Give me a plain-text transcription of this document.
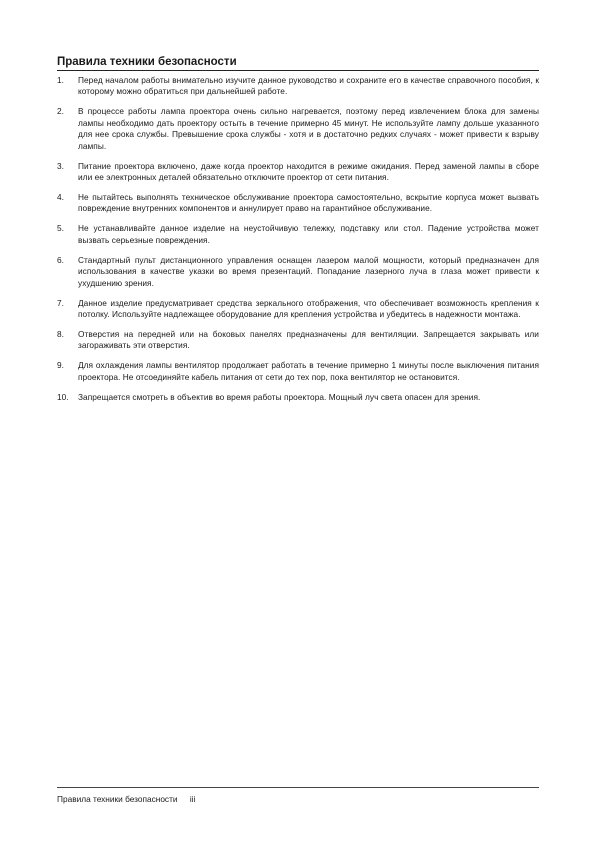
Правила техники безопасности
1.	Перед началом работы внимательно изучите данное руководство и сохраните его в качестве справочного пособия, к которому можно обратиться при дальнейшей работе.
2.	В процессе работы лампа проектора очень сильно нагревается, поэтому перед извлечением блока для замены лампы необходимо дать проектору остыть в течение примерно 45 минут. Не используйте лампу дольше указанного для нее срока службы. Превышение срока службы - хотя и в достаточно редких случаях - может привести к взрыву лампы.
3.	Питание проектора включено, даже когда проектор находится в режиме ожидания. Перед заменой лампы в сборе или ее электронных деталей обязательно отключите проектор от сети питания.
4.	Не пытайтесь выполнять техническое обслуживание проектора самостоятельно, вскрытие корпуса может вызвать повреждение внутренних компонентов и аннулирует право на гарантийное обслуживание.
5.	Не устанавливайте данное изделие на неустойчивую тележку, подставку или стол. Падение устройства может вызвать серьезные повреждения.
6.	Стандартный пульт дистанционного управления оснащен лазером малой мощности, который предназначен для использования в качестве указки во время презентаций. Попадание лазерного луча в глаза может привести к ухудшению зрения.
7.	Данное изделие предусматривает средства зеркального отображения, что обеспечивает возможность крепления к потолку. Используйте надлежащее оборудование для крепления устройства и убедитесь в надежности монтажа.
8.	Отверстия на передней или на боковых панелях предназначены для вентиляции. Запрещается закрывать или загораживать эти отверстия.
9.	Для охлаждения лампы вентилятор продолжает работать в течение примерно 1 минуты после выключения питания проектора. Не отсоединяйте кабель питания от сети до тех пор, пока вентилятор не остановится.
10.	Запрещается смотреть в объектив во время работы проектора. Мощный луч света опасен для зрения.
Правила техники безопасности iii
